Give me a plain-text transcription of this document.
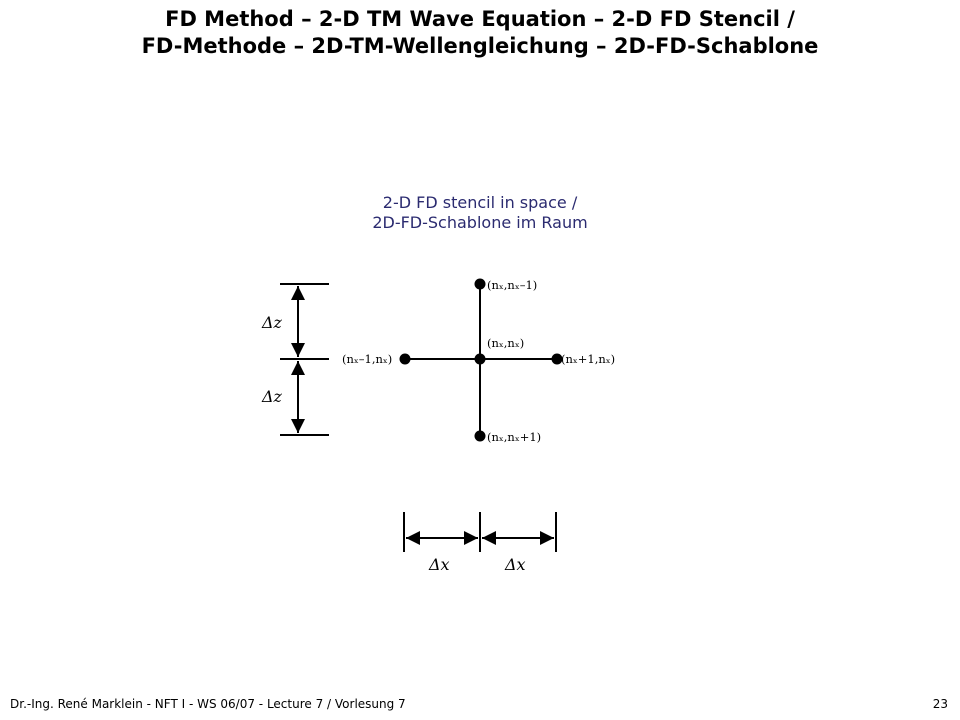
FD Method – 2-D TM Wave Equation – 2-D FD Stencil /
FD-Methode – 2D-TM-Wellengleichung – 2D-FD-Schablone
2-D FD stencil in space /
2D-FD-Schablone im Raum
(nₓ,nₓ–1)
(nₓ,nₓ)
(nₓ–1,nₓ)	(nₓ+1,nₓ)
(nₓ,nₓ+1)
Δz
Δz
Δx	Δx
Dr.-Ing. René Marklein - NFT I - WS 06/07 - Lecture 7 / Vorlesung 7	23
